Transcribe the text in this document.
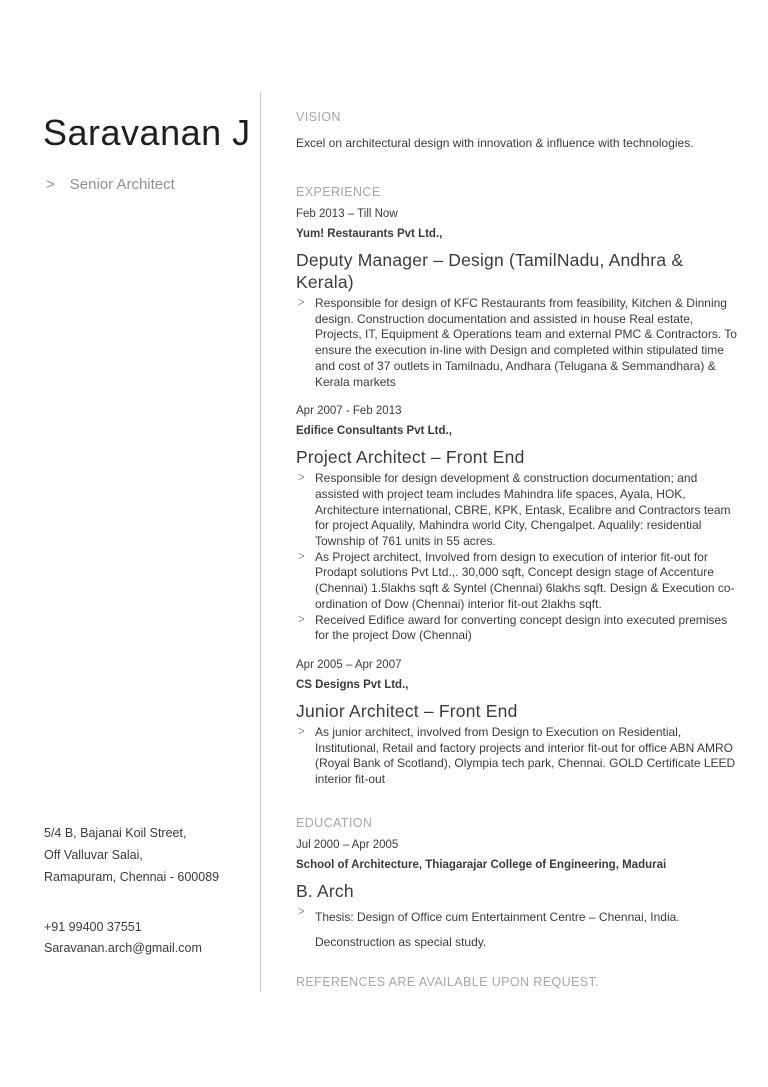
Saravanan J
> Senior Architect
5/4 B, Bajanai Koil Street,
Off Valluvar Salai,
Ramapuram, Chennai - 600089
+91 99400 37551
Saravanan.arch@gmail.com
VISION

Excel on architectural design with innovation & influence with technologies.

EXPERIENCE
Feb 2013 – Till Now
Yum! Restaurants Pvt Ltd.,
Deputy Manager – Design (TamilNadu, Andhra & Kerala)
> Responsible for design of KFC Restaurants from feasibility, Kitchen & Dinning design. Construction documentation and assisted in house Real estate, Projects, IT, Equipment & Operations team and external PMC & Contractors. To ensure the execution in-line with Design and completed within stipulated time and cost of 37 outlets in Tamilnadu, Andhara (Telugana & Semmandhara) & Kerala markets
Apr 2007 - Feb 2013
Edifice Consultants Pvt Ltd.,
Project Architect – Front End
> Responsible for design development & construction documentation; and assisted with project team includes Mahindra life spaces, Ayala, HOK, Architecture international, CBRE, KPK, Entask, Ecalibre and Contractors team for project Aqualily, Mahindra world City, Chengalpet. Aqualily: residential Township of 761 units in 55 acres.
> As Project architect, Involved from design to execution of interior fit-out for Prodapt solutions Pvt Ltd.,. 30,000 sqft, Concept design stage of Accenture (Chennai) 1.5lakhs sqft & Syntel (Chennai) 6lakhs sqft. Design & Execution co-ordination of Dow (Chennai) interior fit-out 2lakhs sqft.
> Received Edifice award for converting concept design into executed premises for the project Dow (Chennai)
Apr 2005 – Apr 2007
CS Designs Pvt Ltd.,
Junior Architect – Front End
> As junior architect, involved from Design to Execution on Residential, Institutional, Retail and factory projects and interior fit-out for office ABN AMRO (Royal Bank of Scotland), Olympia tech park, Chennai. GOLD Certificate LEED interior fit-out
EDUCATION
Jul 2000 – Apr 2005
School of Architecture, Thiagarajar College of Engineering, Madurai
B. Arch
> Thesis: Design of Office cum Entertainment Centre – Chennai, India. Deconstruction as special study.

REFERENCES ARE AVAILABLE UPON REQUEST.
